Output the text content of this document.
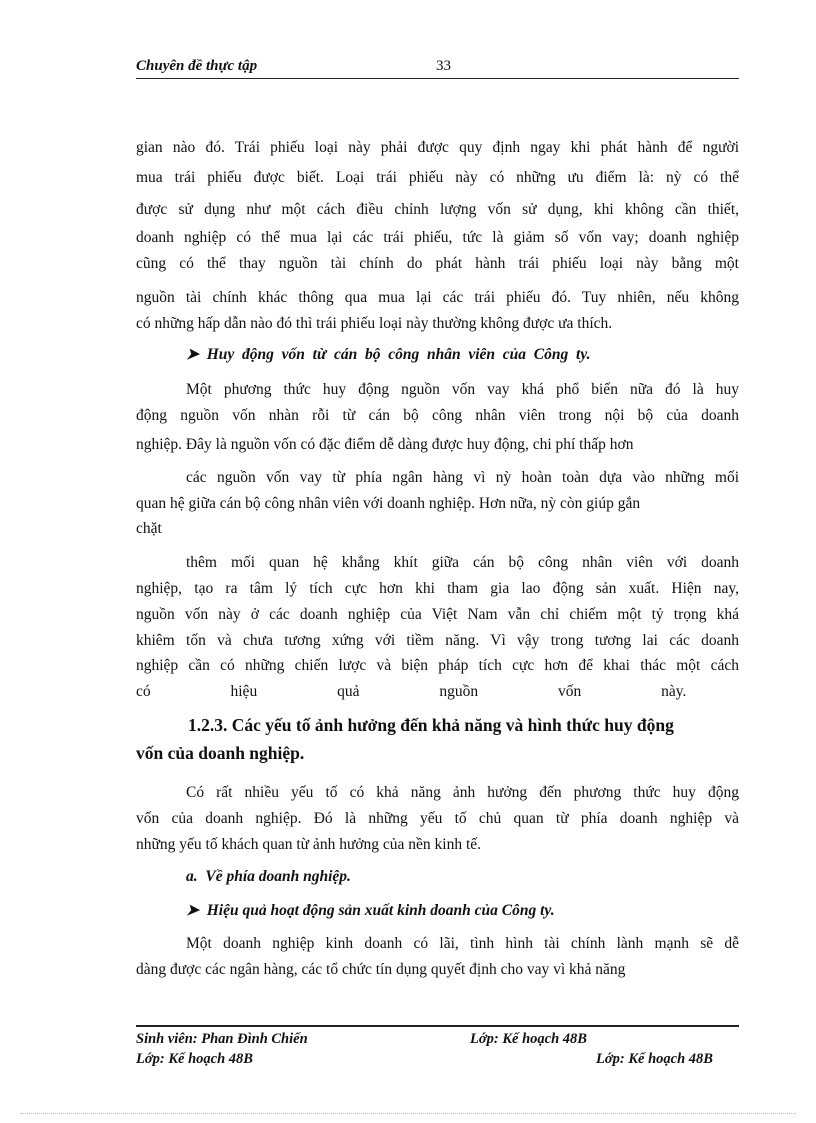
Chuyên đề thực tập	33
gian nào đó. Trái phiếu loại này phải được quy định ngay khi phát hành để người
mua trái phiếu được biết. Loại trái phiếu này có những ưu điểm là: nỳ có thể
được sử dụng như một cách điều chỉnh lượng vốn sử dụng, khi không cần thiết,
doanh nghiệp có thể mua lại các trái phiếu, tức là giảm số vốn vay; doanh nghiệp
cũng có thể thay nguồn tài chính do phát hành trái phiếu loại này bằng một
nguồn tài chính khác thông qua mua lại các trái phiếu đó. Tuy nhiên, nếu không
có những hấp dẫn nào đó thì trái phiếu loại này thường không được ưa thích.
➤  Huy  động  vốn  từ  cán  bộ  công  nhân  viên  của  Công  ty.
Một phương thức huy động nguồn vốn vay khá phổ biến nữa đó là huy
động nguồn vốn nhàn rỗi từ cán bộ công nhân viên trong nội bộ của doanh
nghiệp. Đây là nguồn vốn có đặc điểm dễ dàng được huy động, chi phí thấp hơn
các nguồn vốn vay từ phía ngân hàng vì nỳ hoàn toàn dựa vào những mối
quan hệ giữa cán bộ công nhân viên với doanh nghiệp. Hơn nữa, nỳ còn giúp gắn
chặt
thêm mối quan hệ khắng khít giữa cán bộ công nhân viên với doanh
nghiệp, tạo ra tâm lý tích cực hơn khi tham gia lao động sản xuất. Hiện nay,
nguồn vốn này ở các doanh nghiệp của Việt Nam vẫn chỉ chiếm một tỷ trọng khá
khiêm tốn và chưa tương xứng với tiềm năng. Vì vậy trong tương lai các doanh
nghiệp cần có những chiến lược và biện pháp tích cực hơn để khai thác một cách
có hiệu quả nguồn vốn này.
1.2.3. Các yếu tố ảnh hưởng đến khả năng và hình thức huy động
vốn của doanh nghiệp.
Có rất nhiều yếu tố có khả năng ảnh hưởng đến phương thức huy động
vốn của doanh nghiệp. Đó là những yếu tố chủ quan từ phía doanh nghiệp và
những yếu tố khách quan từ ảnh hưởng của nền kinh tế.
a.  Về phía doanh nghiệp.
➤  Hiệu quả hoạt động sản xuất kinh doanh của Công ty.
Một doanh nghiệp kinh doanh có lãi, tình hình tài chính lành mạnh sẽ dễ
dàng được các ngân hàng, các tổ chức tín dụng quyết định cho vay vì khả năng
Sinh viên: Phan Đình Chiến	Lớp: Kế hoạch 48B
Lớp: Kế hoạch 48B	Lớp: Kế hoạch 48B
